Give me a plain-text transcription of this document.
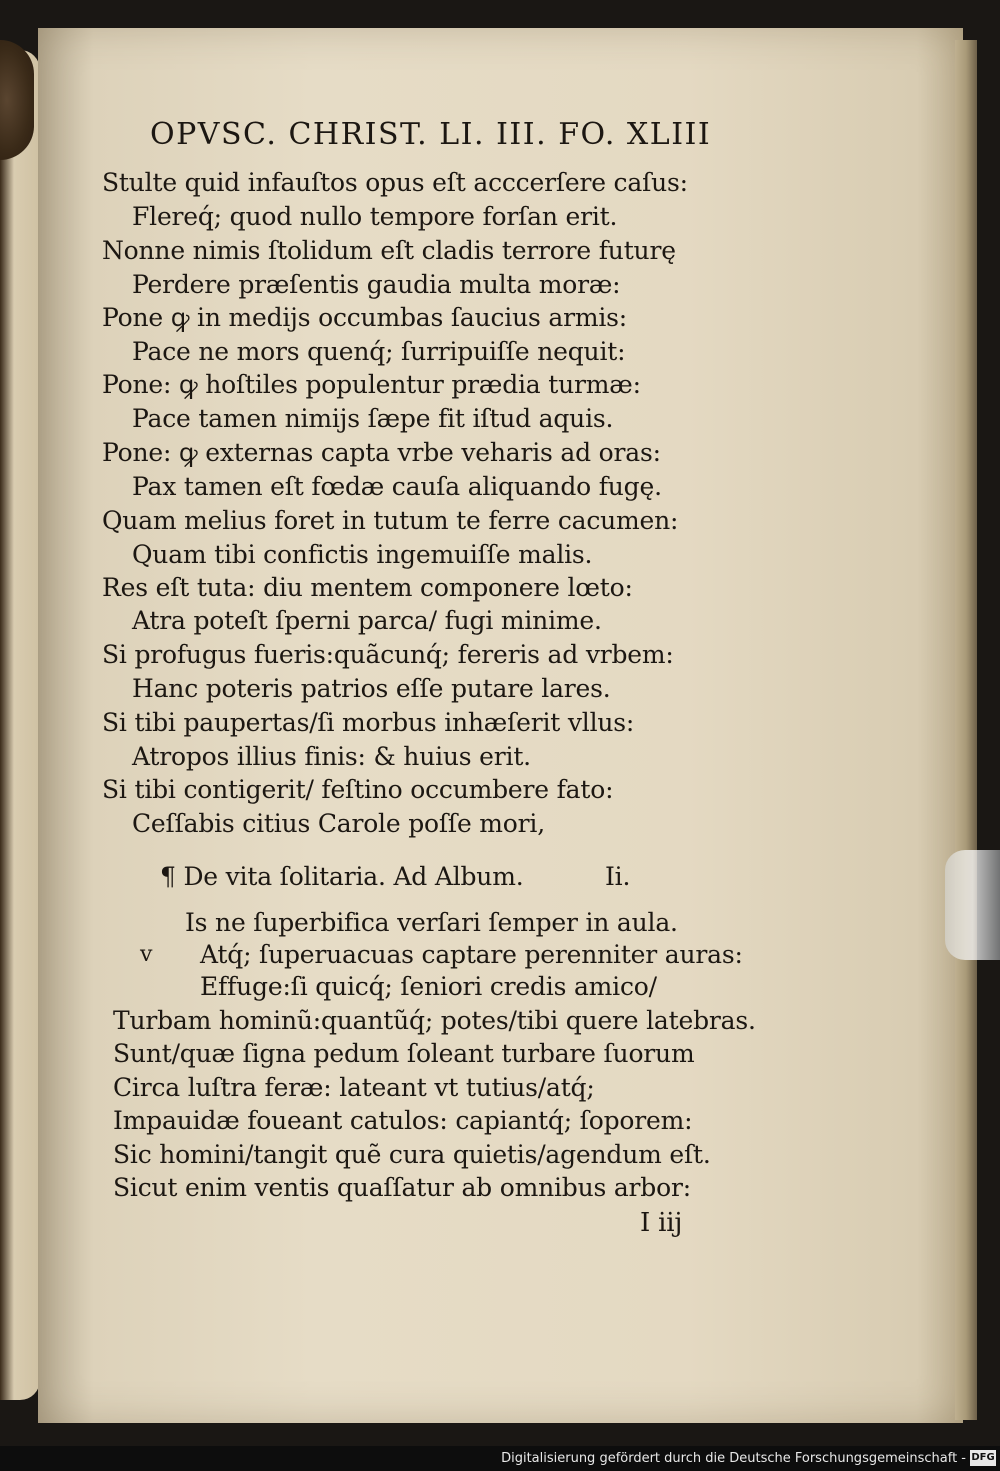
OPVSC. CHRIST. LI. III. FO. XLIII
Stulte quid infauſtos opus eſt acccerſere caſus:
Flereq́; quod nullo tempore forſan erit.
Nonne nimis ſtolidum eſt cladis terrore futurę
Perdere præſentis gaudia multa moræ:
Pone ꝙ in medijs occumbas ſaucius armis:
Pace ne mors quenq́; ſurripuiſſe nequit:
Pone: ꝙ hoſtiles populentur prædia turmæ:
Pace tamen nimijs ſæpe fit iſtud aquis.
Pone: ꝙ externas capta vrbe veharis ad oras:
Pax tamen eſt fœdæ cauſa aliquando fugę.
Quam melius foret in tutum te ferre cacumen:
Quam tibi confictis ingemuiſſe malis.
Res eſt tuta: diu mentem componere lœto:
Atra poteſt ſperni parca/ fugi minime.
Si profugus fueris:quãcunq́; fereris ad vrbem:
Hanc poteris patrios eſſe putare lares.
Si tibi paupertas/ſi morbus inhæſerit vllus:
Atropos illius finis: & huius erit.
Si tibi contigerit/ feſtino occumbere fato:
Ceſſabis citius Carole poſſe mori,
¶ De vita ſolitaria. Ad Album.	Ii.
Is ne ſuperbifica verſari ſemper in aula.
v Atq́; ſuperuacuas captare perenniter auras:
Effuge:ſi quicq́; ſeniori credis amico/
Turbam hominũ:quantũq́; potes/tibi quere latebras.
Sunt/quæ ſigna pedum ſoleant turbare ſuorum
Circa luſtra feræ: lateant vt tutius/atq́;
Impauidæ foueant catulos: capiantq́; ſoporem:
Sic homini/tangit quẽ cura quietis/agendum eſt.
Sicut enim ventis quaſſatur ab omnibus arbor:
I iij
Digitalisierung gefördert durch die Deutsche Forschungsgemeinschaft - DFG
